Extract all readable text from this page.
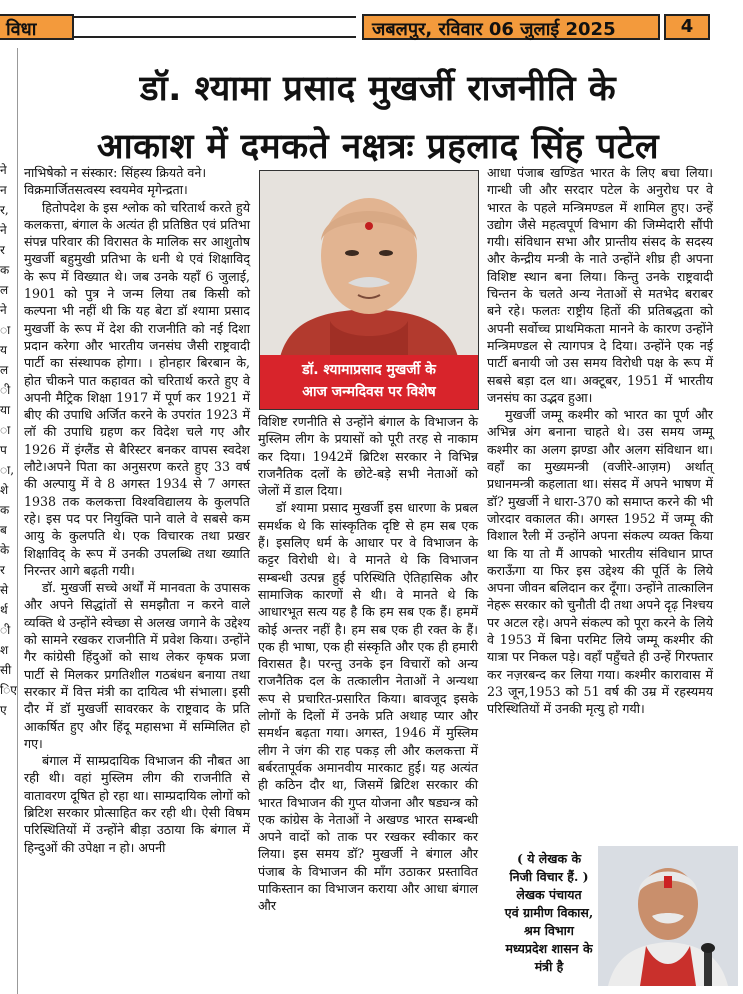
विधा	जबलपुर, रविवार 06 जुलाई 2025	4
ने
न
र,
ने
र
क
ल
ने
ा
य
ल
ी
या
ा
प
ा,
शे
क
ब
के
र
से
र्थ
ी
श
सी
िए
ए
डॉ. श्यामा प्रसाद मुखर्जी राजनीति के
आकाश में दमकते नक्षत्रः प्रहलाद सिंह पटेल

नाभिषेको न संस्कार: सिंहस्य क्रियते वने।

विक्रमार्जितसत्वस्य स्वयमेव मृगेन्द्रता।

हितोपदेश के इस श्लोक को चरितार्थ करते हुये कलकत्ता, बंगाल के अत्यंत ही प्रतिष्ठित एवं प्रतिभा संपन्न परिवार की विरासत के मालिक सर आशुतोष मुखर्जी बहुमुखी प्रतिभा के धनी थे एवं शिक्षाविद् के रूप में विख्यात थे। जब उनके यहाँ 6 जुलाई, 1901 को पुत्र ने जन्म लिया तब किसी को कल्पना भी नहीं थी कि यह बेटा डॉ श्यामा प्रसाद मुखर्जी के रूप में देश की राजनीति को नई दिशा प्रदान करेगा और भारतीय जनसंघ जैसी राष्ट्रवादी पार्टी का संस्थापक होगा। । होनहार बिरबान के, होत चीकने पात कहावत को चरितार्थ करते हुए वे अपनी मैट्रिक शिक्षा 1917 में पूर्ण कर 1921 में बीए की उपाधि अर्जित करने के उपरांत 1923 में लॉ की उपाधि ग्रहण कर विदेश चले गए और 1926 में इंग्लैंड से बैरिस्टर बनकर वापस स्वदेश लौटे।अपने पिता का अनुसरण करते हुए 33 वर्ष की अल्पायु में वे 8 अगस्त 1934 से 7 अगस्त 1938 तक कलकत्ता विश्वविद्यालय के कुलपति रहे। इस पद पर नियुक्ति पाने वाले वे सबसे कम आयु के कुलपति थे। एक विचारक तथा प्रखर शिक्षाविद् के रूप में उनकी उपलब्धि तथा ख्याति निरन्तर आगे बढ़ती गयी।

डॉ. मुखर्जी सच्चे अर्थों में मानवता के उपासक और अपने सिद्धांतों से समझौता न करने वाले व्यक्ति थे उन्होंने स्वेच्छा से अलख जगाने के उद्देश्य को सामने रखकर राजनीति में प्रवेश किया। उन्होंने गैर कांग्रेसी हिंदुओं को साथ लेकर कृषक प्रजा पार्टी से मिलकर प्रगतिशील गठबंधन बनाया तथा सरकार में वित्त मंत्री का दायित्व भी संभाला। इसी दौर में डॉ मुखर्जी सावरकर के राष्ट्रवाद के प्रति आकर्षित हुए और हिंदू महासभा में सम्मिलित हो गए।

बंगाल में साम्प्रदायिक विभाजन की नौबत आ रही थी। वहां मुस्लिम लीग की राजनीति से वातावरण दूषित हो रहा था। साम्प्रदायिक लोगों को ब्रिटिश सरकार प्रोत्साहित कर रही थी। ऐसी विषम परिस्थितियों में उन्होंने बीड़ा उठाया कि बंगाल में हिन्दुओं की उपेक्षा न हो। अपनी

डॉ. श्यामाप्रसाद मुखर्जी के
आज जन्मदिवस पर विशेष

विशिष्ट रणनीति से उन्होंने बंगाल के विभाजन के मुस्लिम लीग के प्रयासों को पूरी तरह से नाकाम कर दिया। 1942में ब्रिटिश सरकार ने विभिन्न राजनैतिक दलों के छोटे-बड़े सभी नेताओं को जेलों में डाल दिया।

डॉ श्यामा प्रसाद मुखर्जी इस धारणा के प्रबल समर्थक थे कि सांस्कृतिक दृष्टि से हम सब एक हैं। इसलिए धर्म के आधार पर वे विभाजन के कट्टर विरोधी थे। वे मानते थे कि विभाजन सम्बन्धी उत्पन्न हुई परिस्थिति ऐतिहासिक और सामाजिक कारणों से थी। वे मानते थे कि आधारभूत सत्य यह है कि हम सब एक हैं। हममें कोई अन्तर नहीं है। हम सब एक ही रक्त के हैं। एक ही भाषा, एक ही संस्कृति और एक ही हमारी विरासत है। परन्तु उनके इन विचारों को अन्य राजनैतिक दल के तत्कालीन नेताओं ने अन्यथा रूप से प्रचारित-प्रसारित किया। बावजूद इसके लोगों के दिलों में उनके प्रति अथाह प्यार और समर्थन बढ़ता गया। अगस्त, 1946 में मुस्लिम लीग ने जंग की राह पकड़ ली और कलकत्ता में बर्बरतापूर्वक अमानवीय मारकाट हुई। यह अत्यंत ही कठिन दौर था, जिसमें ब्रिटिश सरकार की भारत विभाजन की गुप्त योजना और षड्यन्त्र को एक कांग्रेस के नेताओं ने अखण्ड भारत सम्बन्धी अपने वादों को ताक पर रखकर स्वीकार कर लिया। इस समय डॉ? मुखर्जी ने बंगाल और पंजाब के विभाजन की माँग उठाकर प्रस्तावित पाकिस्तान का विभाजन कराया और आधा बंगाल और

आधा पंजाब खण्डित भारत के लिए बचा लिया। गान्धी जी और सरदार पटेल के अनुरोध पर वे भारत के पहले मन्त्रिमण्डल में शामिल हुए। उन्हें उद्योग जैसे महत्वपूर्ण विभाग की जिम्मेदारी सौंपी गयी। संविधान सभा और प्रान्तीय संसद के सदस्य और केन्द्रीय मन्त्री के नाते उन्होंने शीघ्र ही अपना विशिष्ट स्थान बना लिया। किन्तु उनके राष्ट्रवादी चिन्तन के चलते अन्य नेताओं से मतभेद बराबर बने रहे। फलतः राष्ट्रीय हितों की प्रतिबद्धता को अपनी सर्वोच्च प्राथमिकता मानने के कारण उन्होंने मन्त्रिमण्डल से त्यागपत्र दे दिया। उन्होंने एक नई पार्टी बनायी जो उस समय विरोधी पक्ष के रूप में सबसे बड़ा दल था। अक्टूबर, 1951 में भारतीय जनसंघ का उद्भव हुआ।

मुखर्जी जम्मू कश्मीर को भारत का पूर्ण और अभिन्न अंग बनाना चाहते थे। उस समय जम्मू कश्मीर का अलग झण्डा और अलग संविधान था। वहाँ का मुख्यमन्त्री (वजीरे-आज़म) अर्थात् प्रधानमन्त्री कहलाता था। संसद में अपने भाषण में डॉ? मुखर्जी ने धारा-370 को समाप्त करने की भी जोरदार वकालत की। अगस्त 1952 में जम्मू की विशाल रैली में उन्होंने अपना संकल्प व्यक्त किया था कि या तो मैं आपको भारतीय संविधान प्राप्त कराऊँगा या फिर इस उद्देश्य की पूर्ति के लिये अपना जीवन बलिदान कर दूँगा। उन्होंने तात्कालिन नेहरू सरकार को चुनौती दी तथा अपने दृढ़ निश्चय पर अटल रहे। अपने संकल्प को पूरा करने के लिये वे 1953 में बिना परमिट लिये जम्मू कश्मीर की यात्रा पर निकल पड़े। वहाँ पहुँचते ही उन्हें गिरफ्तार कर नज़रबन्द कर लिया गया। कश्मीर कारावास में 23 जून,1953 को 51 वर्ष की उम्र में रहस्यमय परिस्थितियों में उनकी मृत्यु हो गयी।

( ये लेखक के
निजी विचार हैं. )
लेखक पंचायत
एवं ग्रामीण विकास,
श्रम विभाग
मध्यप्रदेश शासन के
मंत्री है
